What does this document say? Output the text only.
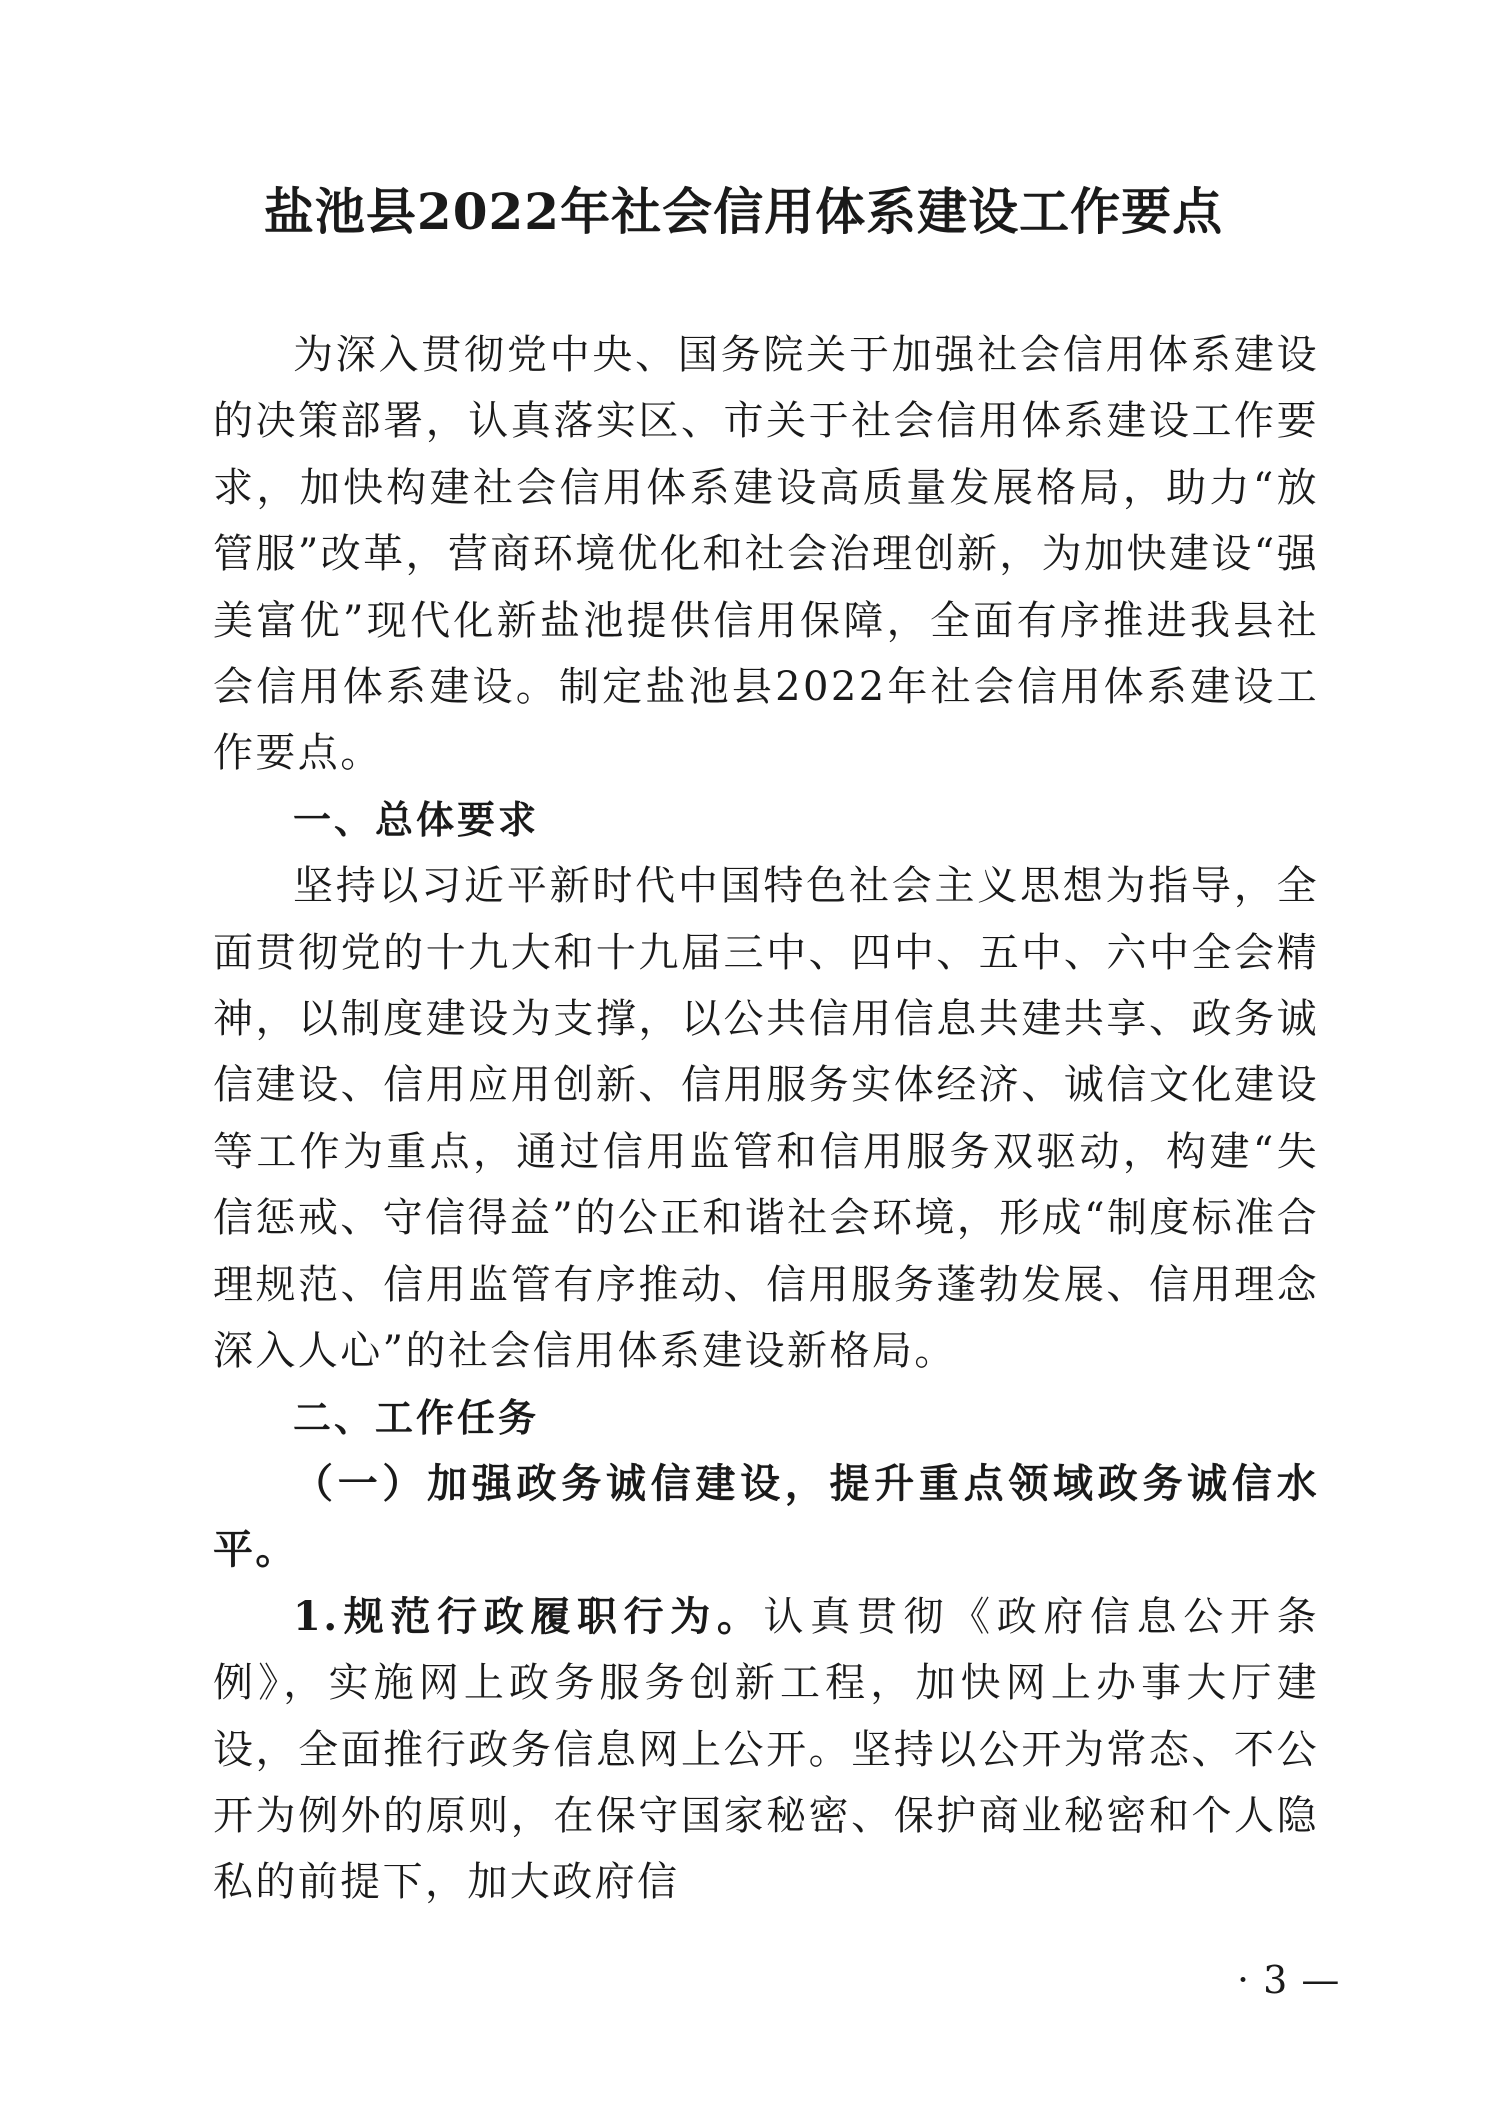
盐池县2022年社会信用体系建设工作要点

为深入贯彻党中央、国务院关于加强社会信用体系建设的决策部署，认真落实区、市关于社会信用体系建设工作要求，加快构建社会信用体系建设高质量发展格局，助力“放管服”改革，营商环境优化和社会治理创新，为加快建设“强美富优”现代化新盐池提供信用保障，全面有序推进我县社会信用体系建设。制定盐池县2022年社会信用体系建设工作要点。

一、总体要求

坚持以习近平新时代中国特色社会主义思想为指导，全面贯彻党的十九大和十九届三中、四中、五中、六中全会精神，以制度建设为支撑，以公共信用信息共建共享、政务诚信建设、信用应用创新、信用服务实体经济、诚信文化建设等工作为重点，通过信用监管和信用服务双驱动，构建“失信惩戒、守信得益”的公正和谐社会环境，形成“制度标准合理规范、信用监管有序推动、信用服务蓬勃发展、信用理念深入人心”的社会信用体系建设新格局。

二、工作任务

（一）加强政务诚信建设，提升重点领域政务诚信水平。

1.规范行政履职行为。认真贯彻《政府信息公开条例》，实施网上政务服务创新工程，加快网上办事大厅建设，全面推行政务信息网上公开。坚持以公开为常态、不公开为例外的原则，在保守国家秘密、保护商业秘密和个人隐私的前提下，加大政府信

· 3 —
